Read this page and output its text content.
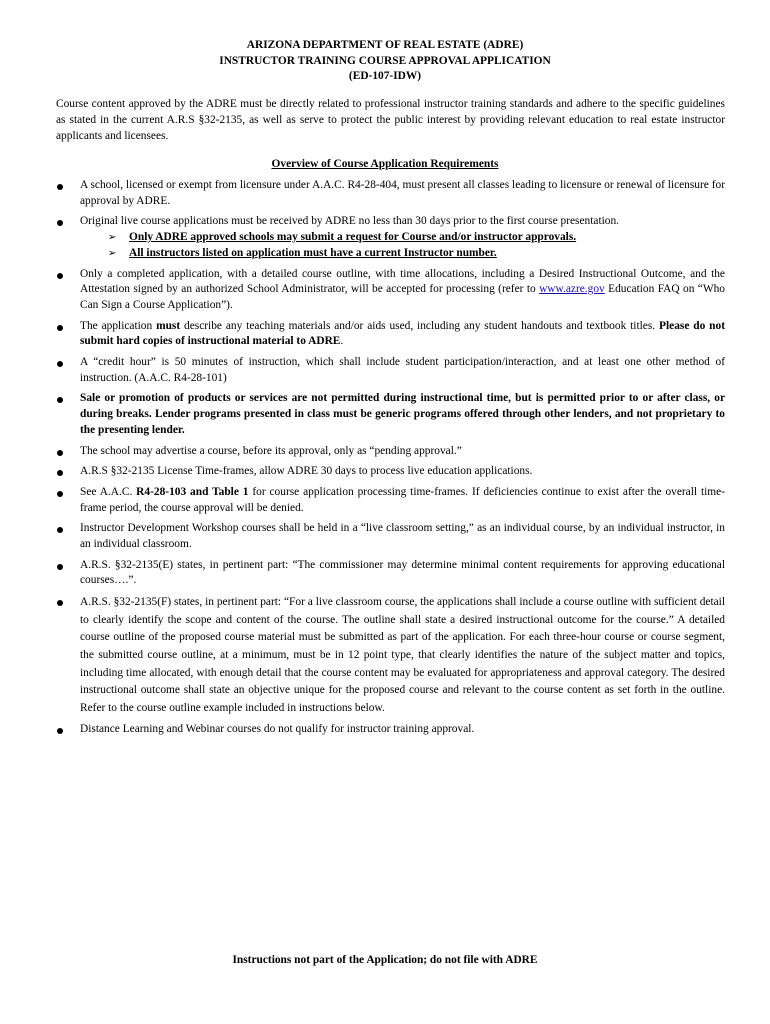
ARIZONA DEPARTMENT OF REAL ESTATE (ADRE)
INSTRUCTOR TRAINING COURSE APPROVAL APPLICATION
(ED-107-IDW)

Course content approved by the ADRE must be directly related to professional instructor training standards and adhere to the specific guidelines as stated in the current A.R.S §32-2135, as well as serve to protect the public interest by providing relevant education to real estate instructor applicants and licensees.

Overview of Course Application Requirements
A school, licensed or exempt from licensure under A.A.C. R4-28-404, must present all classes leading to licensure or renewal of licensure for approval by ADRE.
Original live course applications must be received by ADRE no less than 30 days prior to the first course presentation.
➢ Only ADRE approved schools may submit a request for Course and/or instructor approvals.
➢ All instructors listed on application must have a current Instructor number.
Only a completed application, with a detailed course outline, with time allocations, including a Desired Instructional Outcome, and the Attestation signed by an authorized School Administrator, will be accepted for processing (refer to www.azre.gov Education FAQ on “Who Can Sign a Course Application”).
The application must describe any teaching materials and/or aids used, including any student handouts and textbook titles. Please do not submit hard copies of instructional material to ADRE.
A “credit hour” is 50 minutes of instruction, which shall include student participation/interaction, and at least one other method of instruction. (A.A.C. R4-28-101)
Sale or promotion of products or services are not permitted during instructional time, but is permitted prior to or after class, or during breaks. Lender programs presented in class must be generic programs offered through other lenders, and not proprietary to the presenting lender.
The school may advertise a course, before its approval, only as “pending approval.”
A.R.S §32-2135 License Time-frames, allow ADRE 30 days to process live education applications.
See A.A.C. R4-28-103 and Table 1 for course application processing time-frames. If deficiencies continue to exist after the overall time-frame period, the course approval will be denied.
Instructor Development Workshop courses shall be held in a “live classroom setting,” as an individual course, by an individual instructor, in an individual classroom.
A.R.S. §32-2135(E) states, in pertinent part: “The commissioner may determine minimal content requirements for approving educational courses….”.
A.R.S. §32-2135(F) states, in pertinent part: “For a live classroom course, the applications shall include a course outline with sufficient detail to clearly identify the scope and content of the course. The outline shall state a desired instructional outcome for the course.” A detailed course outline of the proposed course material must be submitted as part of the application. For each three-hour course or course segment, the submitted course outline, at a minimum, must be in 12 point type, that clearly identifies the nature of the subject matter and topics, including time allocated, with enough detail that the course content may be evaluated for appropriateness and approval category. The desired instructional outcome shall state an objective unique for the proposed course and relevant to the course content as set forth in the outline. Refer to the course outline example included in instructions below.
Distance Learning and Webinar courses do not qualify for instructor training approval.
Instructions not part of the Application; do not file with ADRE
